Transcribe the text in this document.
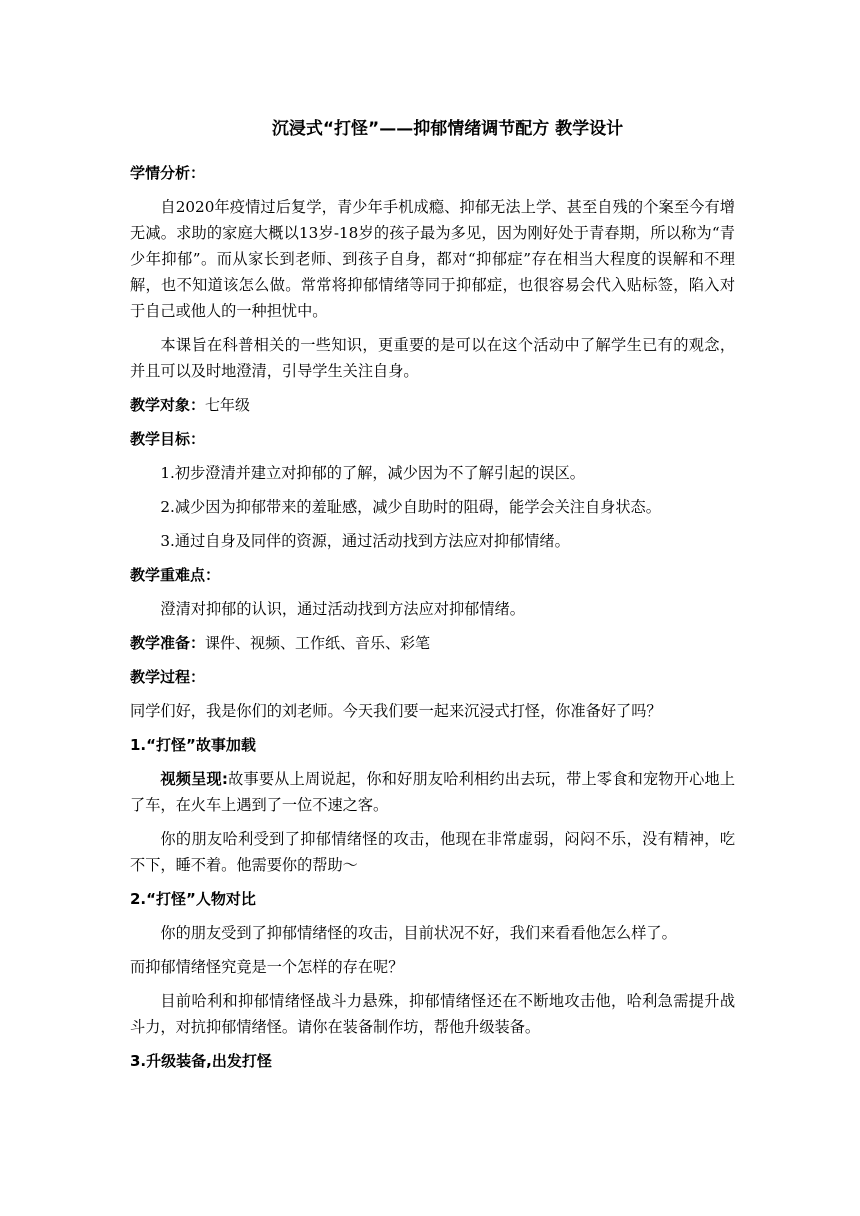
沉浸式“打怪”——抑郁情绪调节配方 教学设计
学情分析：

自2020年疫情过后复学，青少年手机成瘾、抑郁无法上学、甚至自残的个案至今有增无减。求助的家庭大概以13岁-18岁的孩子最为多见，因为刚好处于青春期，所以称为“青少年抑郁”。而从家长到老师、到孩子自身，都对“抑郁症”存在相当大程度的误解和不理解，也不知道该怎么做。常常将抑郁情绪等同于抑郁症，也很容易会代入贴标签，陷入对于自己或他人的一种担忧中。

本课旨在科普相关的一些知识，更重要的是可以在这个活动中了解学生已有的观念，并且可以及时地澄清，引导学生关注自身。

教学对象：七年级
教学目标：

1.初步澄清并建立对抑郁的了解，减少因为不了解引起的误区。

2.减少因为抑郁带来的羞耻感，减少自助时的阻碍，能学会关注自身状态。

3.通过自身及同伴的资源，通过活动找到方法应对抑郁情绪。

教学重难点：

澄清对抑郁的认识，通过活动找到方法应对抑郁情绪。

教学准备：课件、视频、工作纸、音乐、彩笔
教学过程：

同学们好，我是你们的刘老师。今天我们要一起来沉浸式打怪，你准备好了吗？

1.“打怪”故事加载

视频呈现:故事要从上周说起，你和好朋友哈利相约出去玩，带上零食和宠物开心地上了车，在火车上遇到了一位不速之客。

你的朋友哈利受到了抑郁情绪怪的攻击，他现在非常虚弱，闷闷不乐，没有精神，吃不下，睡不着。他需要你的帮助～

2.“打怪”人物对比

你的朋友受到了抑郁情绪怪的攻击，目前状况不好，我们来看看他怎么样了。

而抑郁情绪怪究竟是一个怎样的存在呢？

目前哈利和抑郁情绪怪战斗力悬殊，抑郁情绪怪还在不断地攻击他，哈利急需提升战斗力，对抗抑郁情绪怪。请你在装备制作坊，帮他升级装备。

3.升级装备,出发打怪
